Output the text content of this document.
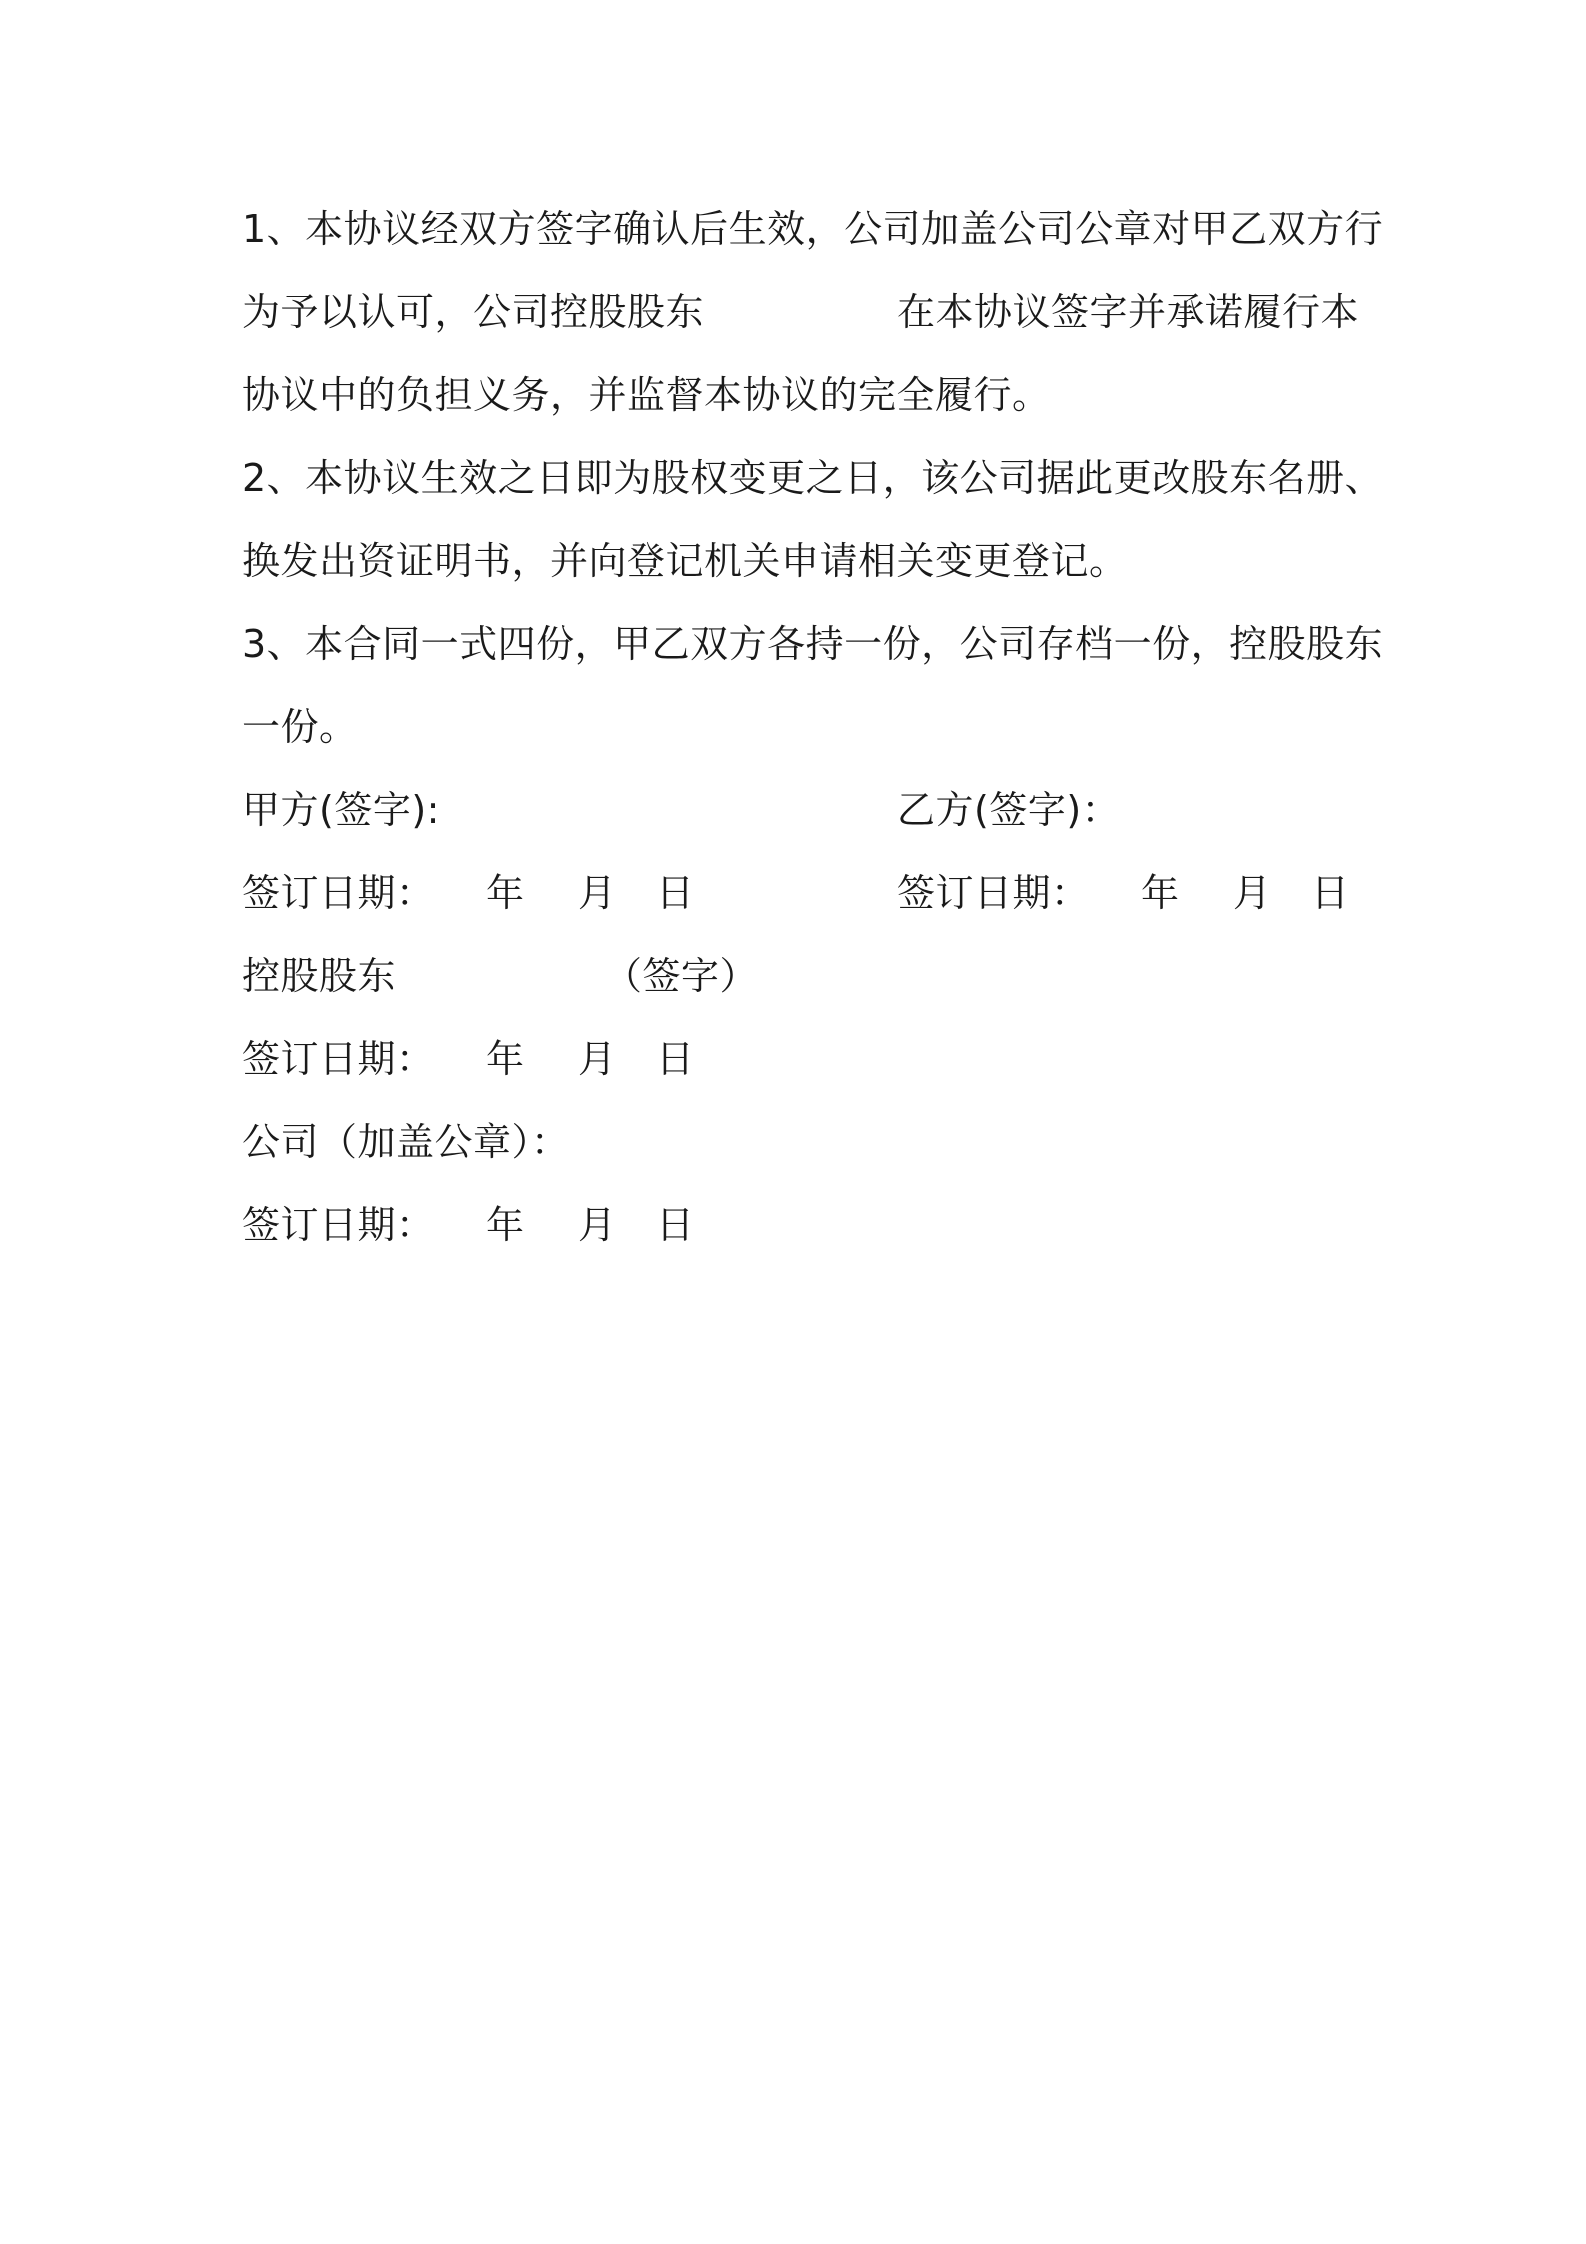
1、本协议经双方签字确认后生效，公司加盖公司公章对甲乙双方行
为予以认可，公司控股股东	在本协议签字并承诺履行本
协议中的负担义务，并监督本协议的完全履行。
2、本协议生效之日即为股权变更之日，该公司据此更改股东名册、
换发出资证明书，并向登记机关申请相关变更登记。
3、本合同一式四份，甲乙双方各持一份，公司存档一份，控股股东
一份。
甲方(签字):	乙方(签字)：
签订日期： 年 月 日	签订日期： 年 月 日
控股股东	（签字）
签订日期： 年 月 日
公司（加盖公章）：
签订日期： 年 月 日
